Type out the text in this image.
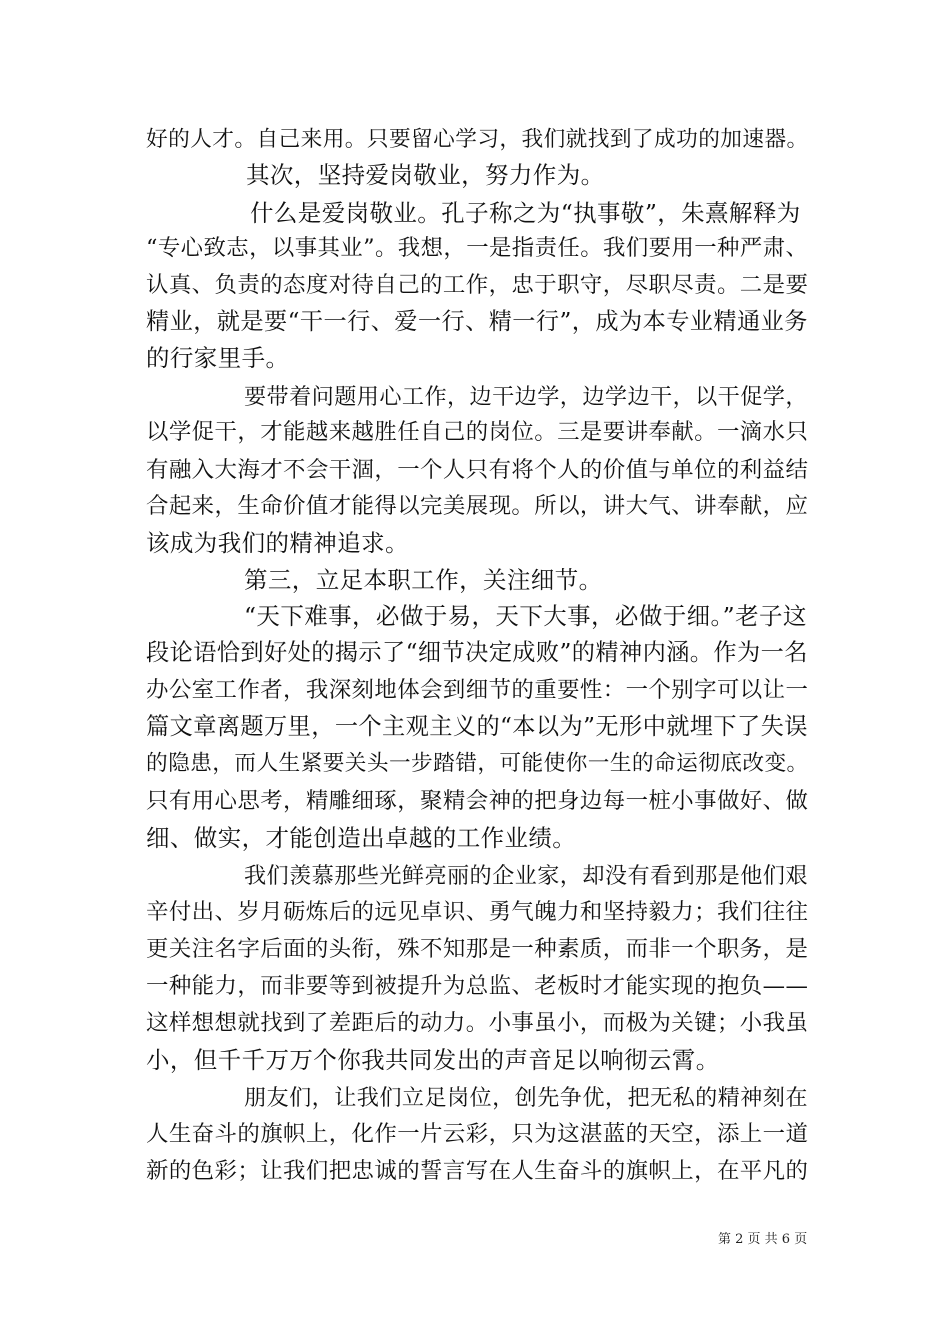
好的人才。自己来用。只要留心学习，我们就找到了成功的加速器。
其次，坚持爱岗敬业，努力作为。
什么是爱岗敬业。孔子称之为“执事敬”，朱熹解释为
“专心致志，以事其业”。我想，一是指责任。我们要用一种严肃、
认真、负责的态度对待自己的工作，忠于职守，尽职尽责。二是要
精业，就是要“干一行、爱一行、精一行”，成为本专业精通业务
的行家里手。
要带着问题用心工作，边干边学，边学边干，以干促学，
以学促干，才能越来越胜任自己的岗位。三是要讲奉献。一滴水只
有融入大海才不会干涸，一个人只有将个人的价值与单位的利益结
合起来，生命价值才能得以完美展现。所以，讲大气、讲奉献，应
该成为我们的精神追求。
第三，立足本职工作，关注细节。
“天下难事，必做于易，天下大事，必做于细。”老子这
段论语恰到好处的揭示了“细节决定成败”的精神内涵。作为一名
办公室工作者，我深刻地体会到细节的重要性：一个别字可以让一
篇文章离题万里，一个主观主义的“本以为”无形中就埋下了失误
的隐患，而人生紧要关头一步踏错，可能使你一生的命运彻底改变。
只有用心思考，精雕细琢，聚精会神的把身边每一桩小事做好、做
细、做实，才能创造出卓越的工作业绩。
我们羡慕那些光鲜亮丽的企业家，却没有看到那是他们艰
辛付出、岁月砺炼后的远见卓识、勇气魄力和坚持毅力；我们往往
更关注名字后面的头衔，殊不知那是一种素质，而非一个职务，是
一种能力，而非要等到被提升为总监、老板时才能实现的抱负——
这样想想就找到了差距后的动力。小事虽小，而极为关键；小我虽
小，但千千万万个你我共同发出的声音足以响彻云霄。
朋友们，让我们立足岗位，创先争优，把无私的精神刻在
人生奋斗的旗帜上，化作一片云彩，只为这湛蓝的天空，添上一道
新的色彩；让我们把忠诚的誓言写在人生奋斗的旗帜上，在平凡的
第 2 页 共 6 页
